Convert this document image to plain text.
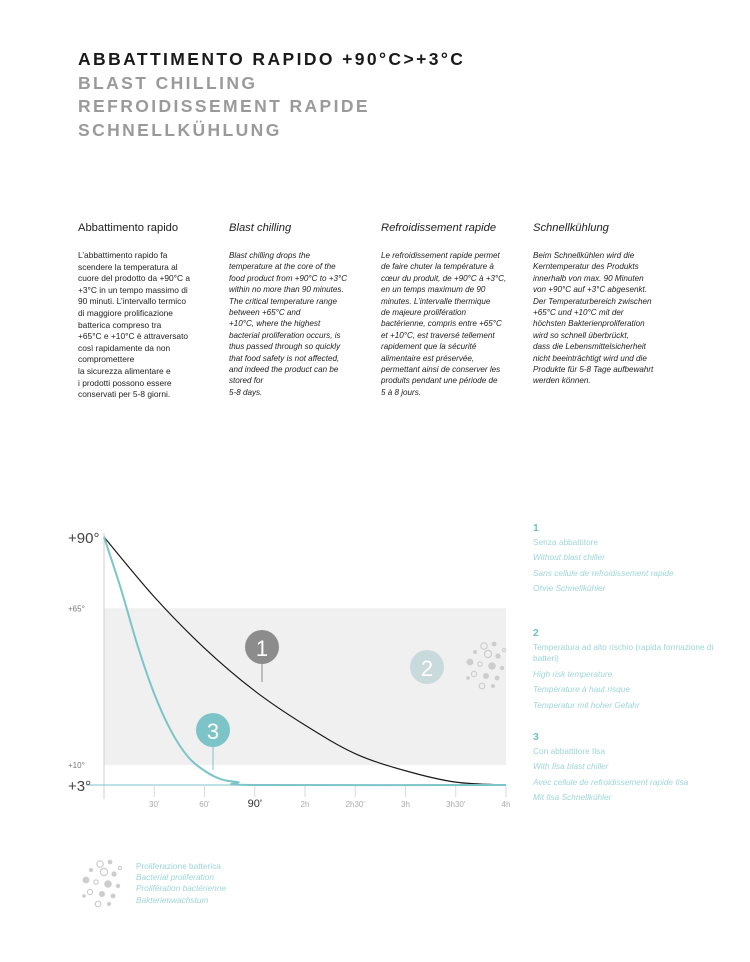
ABBATTIMENTO RAPIDO +90°C>+3°C
BLAST CHILLING
REFROIDISSEMENT RAPIDE
SCHNELLKÜHLUNG
Abbattimento rapido

L’abbattimento rapido fa
scendere la temperatura al
cuore del prodotto da +90°C a
+3°C in un tempo massimo di
90 minuti. L’intervallo termico
di maggiore prolificazione
batterica compreso tra
+65°C e +10°C è attraversato
così rapidamente da non
compromettere
la sicurezza alimentare e
i prodotti possono essere
conservati per 5-8 giorni.

Blast chilling

Blast chilling drops the
temperature at the core of the
food product from +90°C to +3°C
within no more than 90 minutes.
The critical temperature range
between +65°C and
+10°C, where the highest
bacterial proliferation occurs, is
thus passed through so quickly
that food safety is not affected,
and indeed the product can be
stored for
5-8 days.

Refroidissement rapide

Le refroidissement rapide permet
de faire chuter la température à
cœur du produit, de +90°C à +3°C,
en un temps maximum de 90
minutes. L’intervalle thermique
de majeure prolifération
bactérienne, compris entre +65°C
et +10°C, est traversé tellement
rapidement que la sécurité
alimentaire est préservée,
permettant ainsi de conserver les
produits pendant une période de
5 à 8 jours.

Schnellkühlung

Beim Schnellkühlen wird die
Kerntemperatur des Produkts
innerhalb von max. 90 Minuten
von +90°C auf +3°C abgesenkt.
Der Temperaturbereich zwischen
+65°C und +10°C mit der
höchsten Bakterienproliferation
wird so schnell überbrückt,
dass die Lebensmittelsicherheit
nicht beeinträchtigt wird und die
Produkte für 5-8 Tage aufbewahrt
werden können.

+90°
+65°
+10°
+3°
30'	60'	90'	2h	2h30'	3h	3h30'	4h
1
2
3
1
Senza abbattitore
Without blast chiller
Sans cellule de refroidissement rapide
Ohne Schnellkühler
2
Temperatura ad alto rischio (rapida formazione di batteri)
High risk temperature
Température à haut risque
Temperatur mit hoher Gefahr
3
Con abbattitore Ilsa
With Ilsa blast chiller
Avec cellule de refroidissement rapide Ilsa
Mit Ilsa Schnellkühler
Proliferazione batterica
Bacterial proliferation
Prolifération bactérienne
Bakterienwachstum
